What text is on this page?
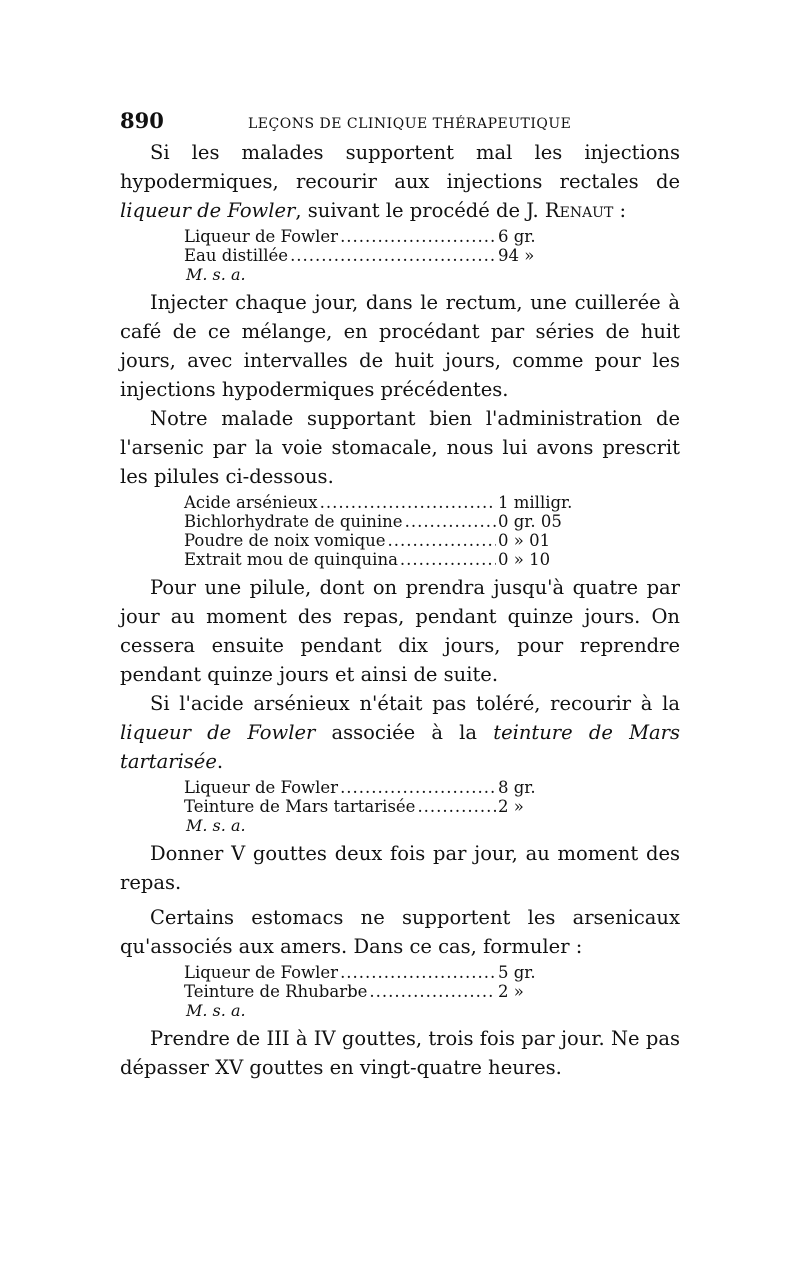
890	LEÇONS DE CLINIQUE THÉRAPEUTIQUE

Si les malades supportent mal les injections hypodermiques, recourir aux injections rectales de liqueur de Fowler, suivant le procédé de J. Renaut :

Liqueur de Fowler .....	6 gr.
Eau distillée .....	94 »
M. s. a.

Injecter chaque jour, dans le rectum, une cuillerée à café de ce mélange, en procédant par séries de huit jours, avec intervalles de huit jours, comme pour les injections hypodermiques précédentes.

Notre malade supportant bien l'administration de l'arsenic par la voie stomacale, nous lui avons prescrit les pilules ci-dessous.

Acide arsénieux .....	1 milligr.
Bichlorhydrate de quinine .....	0 gr. 05
Poudre de noix vomique .....	0 » 01
Extrait mou de quinquina .....	0 » 10

Pour une pilule, dont on prendra jusqu'à quatre par jour au moment des repas, pendant quinze jours. On cessera ensuite pendant dix jours, pour reprendre pendant quinze jours et ainsi de suite.

Si l'acide arsénieux n'était pas toléré, recourir à la liqueur de Fowler associée à la teinture de Mars tartarisée.

Liqueur de Fowler .....	8 gr.
Teinture de Mars tartarisée .....	2 »
M. s. a.

Donner V gouttes deux fois par jour, au moment des repas.

Certains estomacs ne supportent les arsenicaux qu'associés aux amers. Dans ce cas, formuler :

Liqueur de Fowler .....	5 gr.
Teinture de Rhubarbe .....	2 »
M. s. a.

Prendre de III à IV gouttes, trois fois par jour. Ne pas dépasser XV gouttes en vingt-quatre heures.
